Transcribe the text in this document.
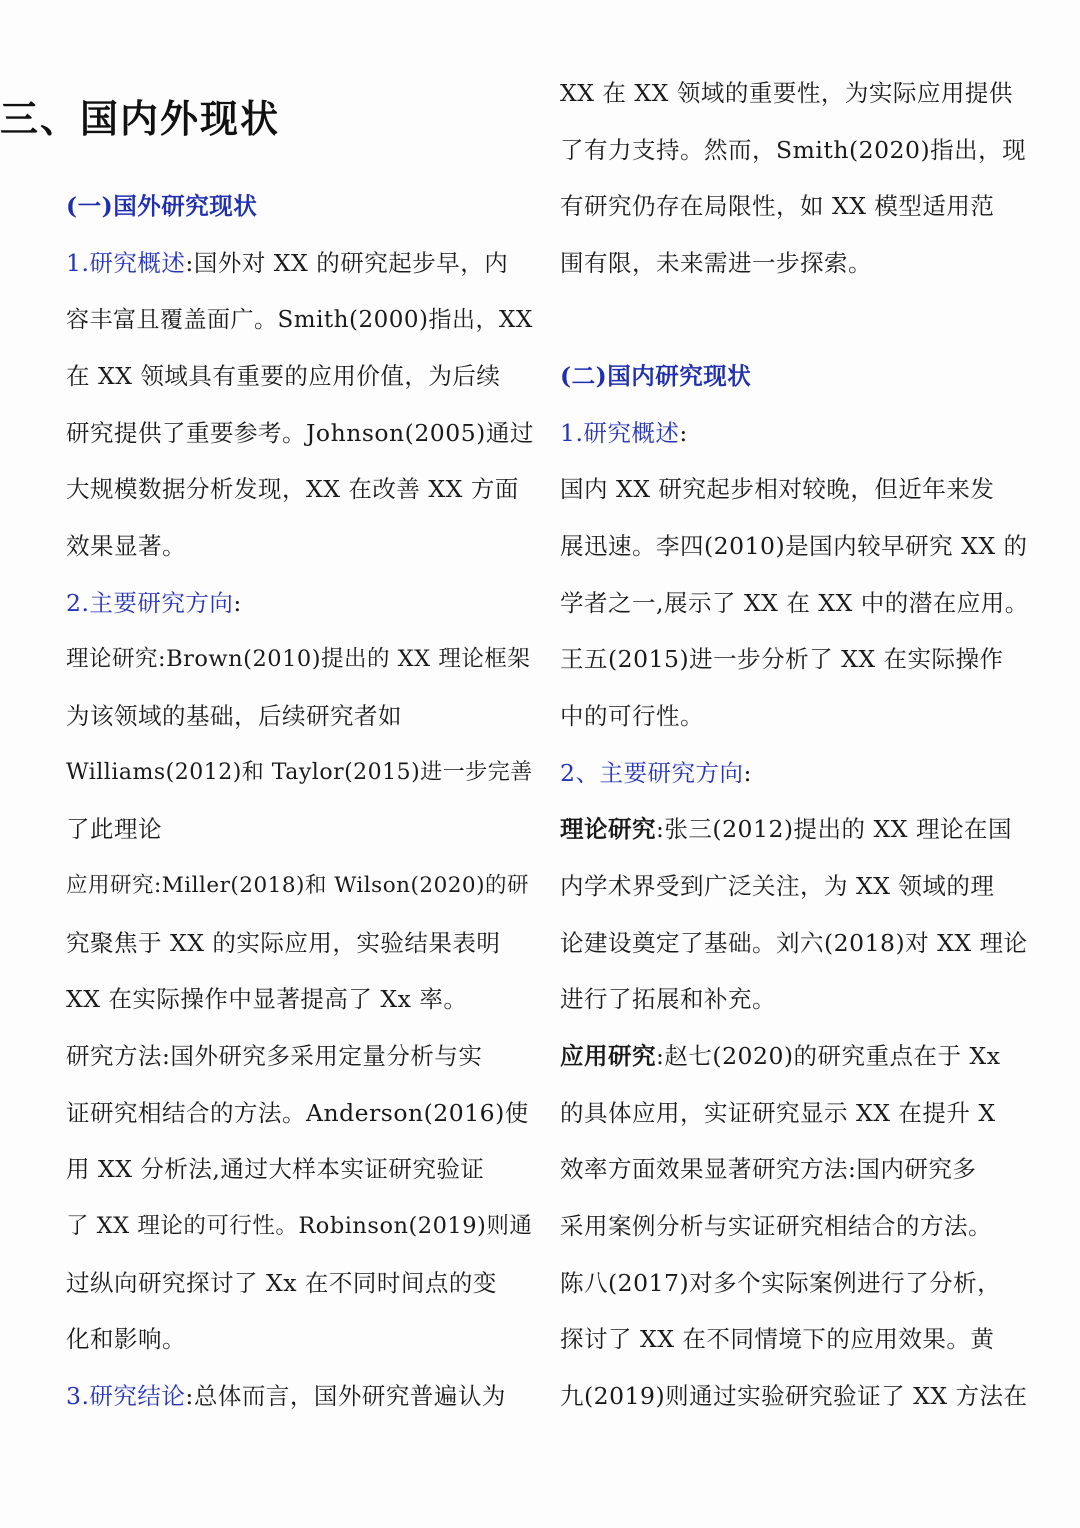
三、国内外现状
(一)国外研究现状
1.研究概述:国外对 XX 的研究起步早，内
容丰富且覆盖面广。Smith(2000)指出，XX
在 XX 领域具有重要的应用价值，为后续
研究提供了重要参考。Johnson(2005)通过
大规模数据分析发现，XX 在改善 XX 方面
效果显著。
2.主要研究方向:
理论研究:Brown(2010)提出的 XX 理论框架
为该领域的基础，后续研究者如
Williams(2012)和 Taylor(2015)进一步完善
了此理论
应用研究:Miller(2018)和 Wilson(2020)的研
究聚焦于 XX 的实际应用，实验结果表明
XX 在实际操作中显著提高了 Xx 率。
研究方法:国外研究多采用定量分析与实
证研究相结合的方法。Anderson(2016)使
用 XX 分析法,通过大样本实证研究验证
了 XX 理论的可行性。Robinson(2019)则通
过纵向研究探讨了 Xx 在不同时间点的变
化和影响。
3.研究结论:总体而言，国外研究普遍认为
XX 在 XX 领域的重要性，为实际应用提供
了有力支持。然而，Smith(2020)指出，现
有研究仍存在局限性，如 XX 模型适用范
围有限，未来需进一步探索。
(二)国内研究现状
1.研究概述:
国内 XX 研究起步相对较晚，但近年来发
展迅速。李四(2010)是国内较早研究 XX 的
学者之一,展示了 XX 在 XX 中的潜在应用。
王五(2015)进一步分析了 XX 在实际操作
中的可行性。
2、主要研究方向:
理论研究:张三(2012)提出的 XX 理论在国
内学术界受到广泛关注，为 XX 领域的理
论建设奠定了基础。刘六(2018)对 XX 理论
进行了拓展和补充。
应用研究:赵七(2020)的研究重点在于 Xx
的具体应用，实证研究显示 XX 在提升 X
效率方面效果显著研究方法:国内研究多
采用案例分析与实证研究相结合的方法。
陈八(2017)对多个实际案例进行了分析，
探讨了 XX 在不同情境下的应用效果。黄
九(2019)则通过实验研究验证了 XX 方法在
